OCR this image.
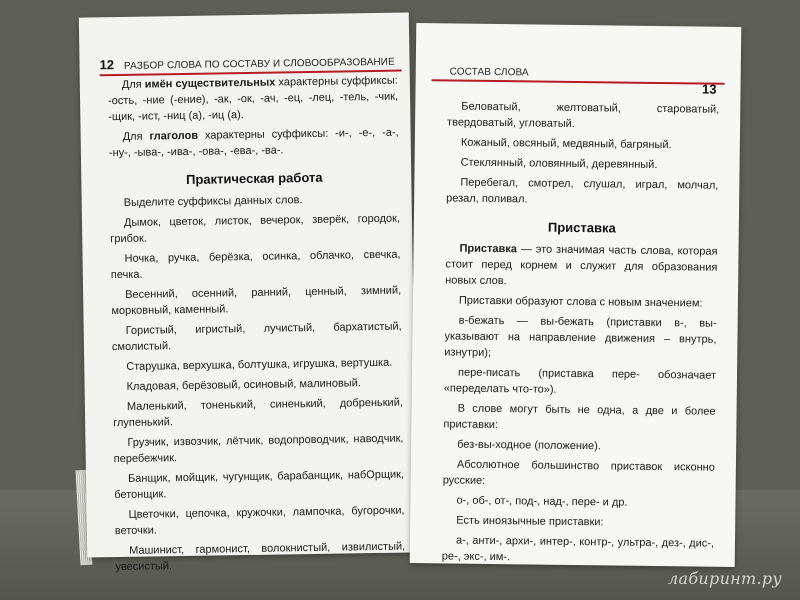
12 РАЗБОР СЛОВА ПО СОСТАВУ И СЛОВООБРАЗОВАНИЕ

Для имён существительных характерны суффиксы: -ость, -ние (-ение), -ак, -ок, -ач, -ец, -лец, -тель, -чик, -щик, -ист, -ниц (а), -иц (а).

Для глаголов характерны суффиксы: -и-, -е-, -а-, -ну-, -ыва-, -ива-, -ова-, -ева-, -ва-.

Практическая работа

Выделите суффиксы данных слов.

Дымок, цветок, листок, вечерок, зверёк, городок, грибок.

Ночка, ручка, берёзка, осинка, облачко, свечка, печка.

Весенний, осенний, ранний, ценный, зимний, морковный, каменный.

Гористый, игристый, лучистый, бархатистый, смолистый.

Старушка, верхушка, болтушка, игрушка, вертушка.

Кладовая, берёзовый, осиновый, малиновый.

Маленький, тоненький, синенький, добренький, глупенький.

Грузчик, извозчик, лётчик, водопроводчик, наводчик, перебежчик.

Банщик, мойщик, чугунщик, барабанщик, набОрщик, бетонщик.

Цветочки, цепочка, кружочки, лампочка, бугорочки, веточки.

Машинист, гармонист, волокнистый, извилистый, увесистый.

СОСТАВ СЛОВА
13

Беловатый, желтоватый, староватый, твердоватый, угловатый.

Кожаный, овсяный, медвяный, багряный.

Стеклянный, оловянный, деревянный.

Перебегал, смотрел, слушал, играл, молчал, резал, поливал.

Приставка

Приставка — это значимая часть слова, которая стоит перед корнем и служит для образования новых слов.

Приставки образуют слова с новым значением:

в-бежать — вы-бежать (приставки в-, вы- указывают на направление движения – внутрь, изнутри);

пере-писать (приставка пере- обозначает «переделать что-то»).

В слове могут быть не одна, а две и более приставки:

без-вы-ходное (положение).

Абсолютное большинство приставок исконно русские:

о-, об-, от-, под-, над-, пере- и др.

Есть иноязычные приставки:

а-, анти-, архи-, интер-, контр-, ультра-, дез-, дис-, ре-, экс-, им-.

лабиринт.ру
